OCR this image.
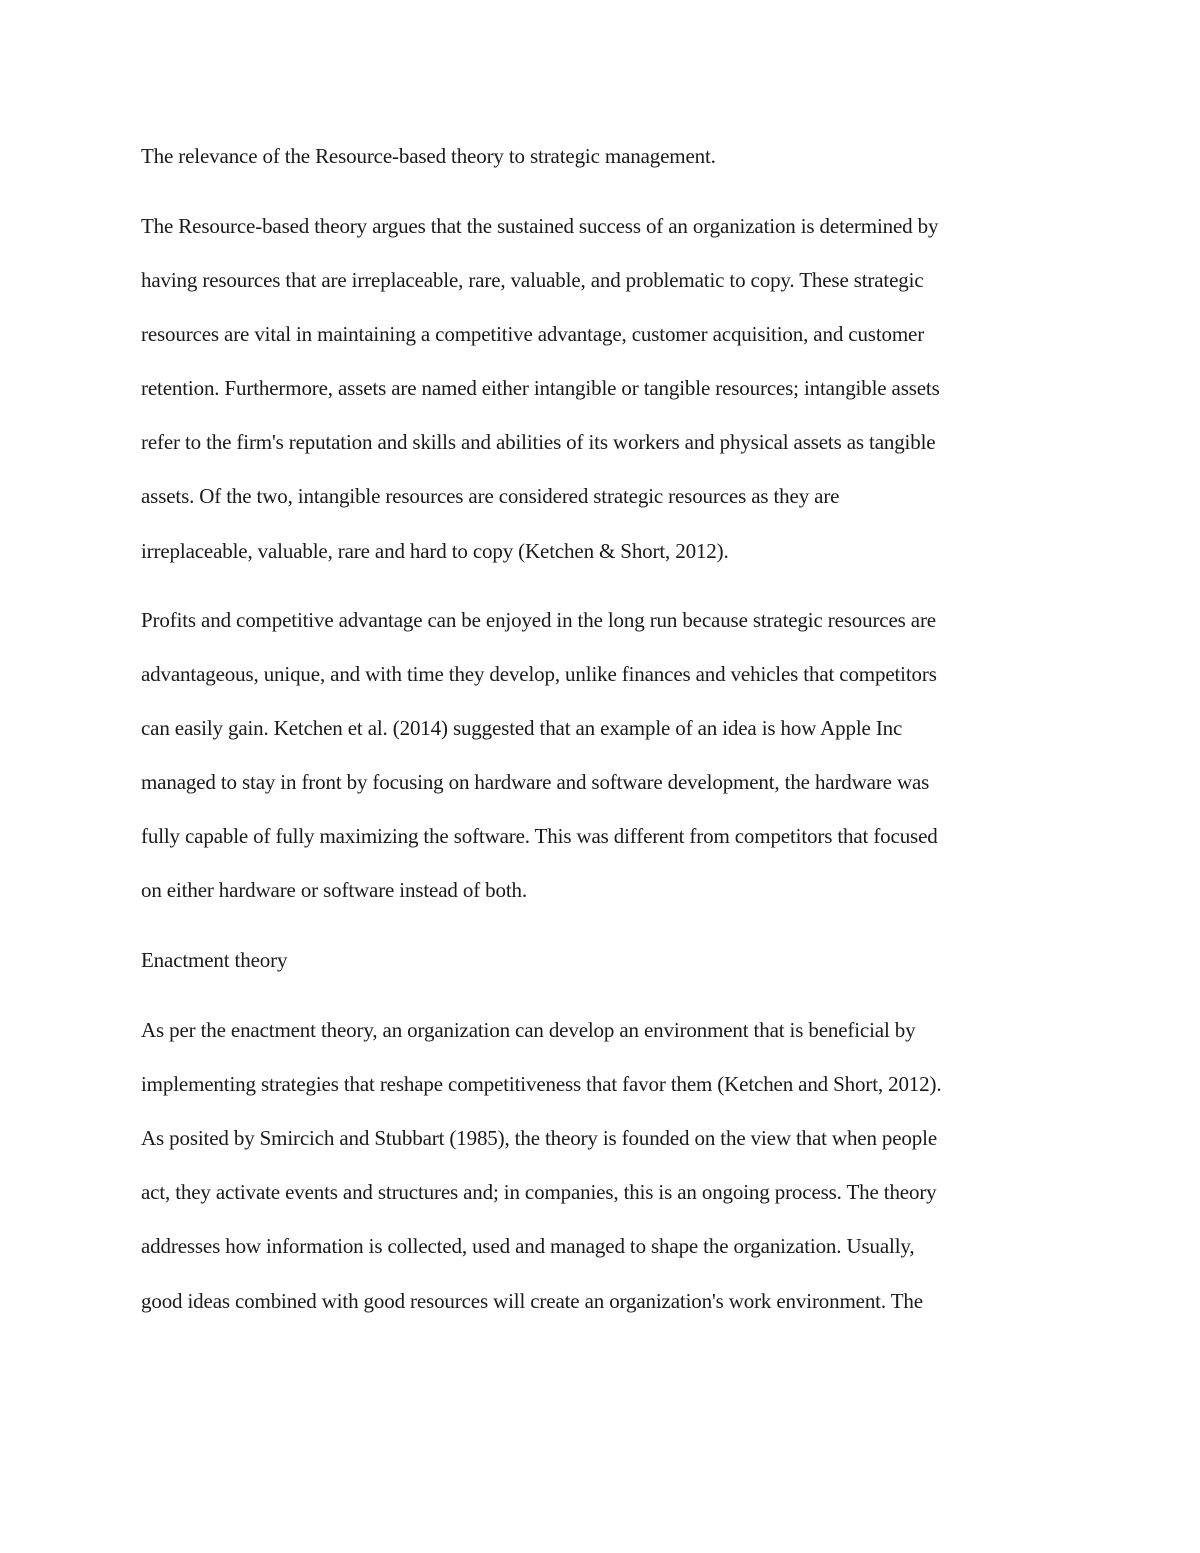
The relevance of the Resource-based theory to strategic management.

The Resource-based theory argues that the sustained success of an organization is determined by

having resources that are irreplaceable, rare, valuable, and problematic to copy. These strategic

resources are vital in maintaining a competitive advantage, customer acquisition, and customer

retention. Furthermore, assets are named either intangible or tangible resources; intangible assets

refer to the firm's reputation and skills and abilities of its workers and physical assets as tangible

assets. Of the two, intangible resources are considered strategic resources as they are

irreplaceable, valuable, rare and hard to copy (Ketchen & Short, 2012).

Profits and competitive advantage can be enjoyed in the long run because strategic resources are

advantageous, unique, and with time they develop, unlike finances and vehicles that competitors

can easily gain. Ketchen et al. (2014) suggested that an example of an idea is how Apple Inc

managed to stay in front by focusing on hardware and software development, the hardware was

fully capable of fully maximizing the software. This was different from competitors that focused

on either hardware or software instead of both.

Enactment theory

As per the enactment theory, an organization can develop an environment that is beneficial by

implementing strategies that reshape competitiveness that favor them (Ketchen and Short, 2012).

As posited by Smircich and Stubbart (1985), the theory is founded on the view that when people

act, they activate events and structures and; in companies, this is an ongoing process. The theory

addresses how information is collected, used and managed to shape the organization. Usually,

good ideas combined with good resources will create an organization's work environment. The
